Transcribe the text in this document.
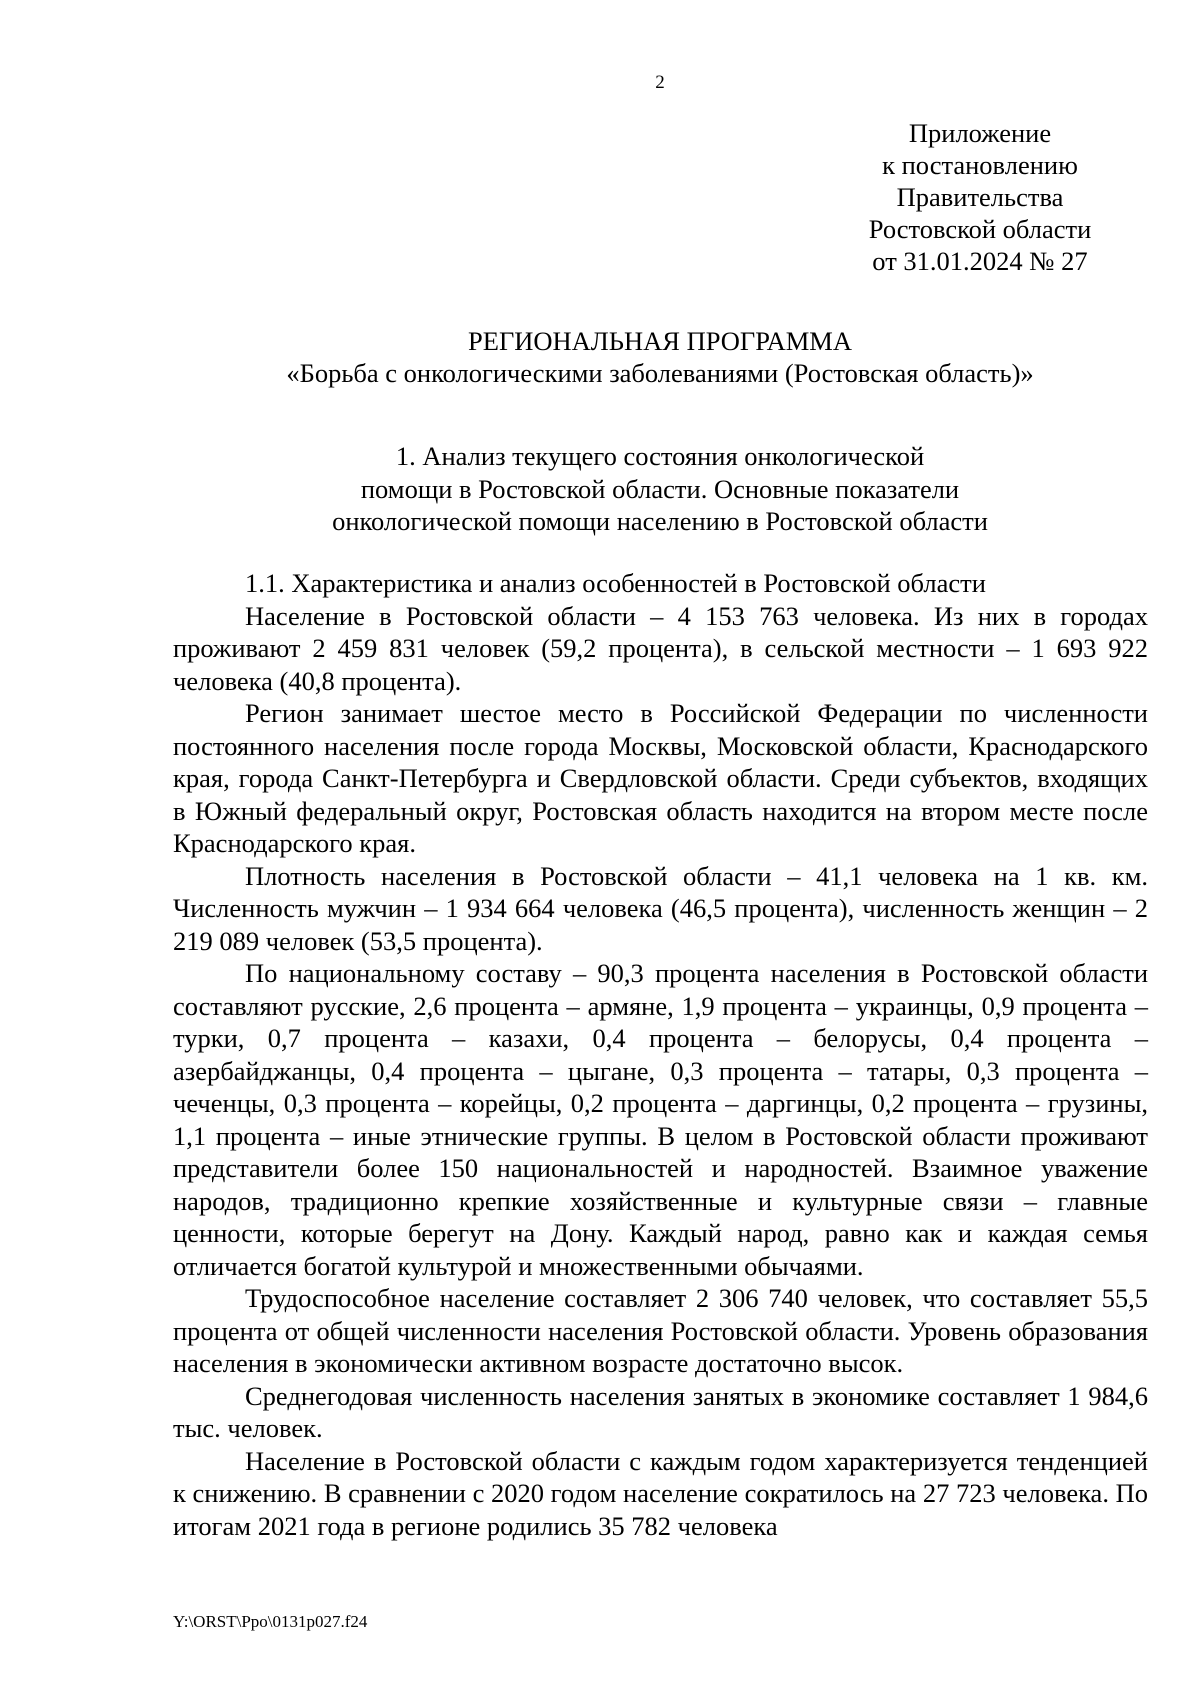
2
Приложение
к постановлению
Правительства
Ростовской области
от 31.01.2024 № 27
РЕГИОНАЛЬНАЯ ПРОГРАММА
«Борьба с онкологическими заболеваниями (Ростовская область)»
1. Анализ текущего состояния онкологической
помощи в Ростовской области. Основные показатели
онкологической помощи населению в Ростовской области

1.1. Характеристика и анализ особенностей в Ростовской области

Население в Ростовской области – 4 153 763 человека. Из них в городах проживают 2 459 831 человек (59,2 процента), в сельской местности – 1 693 922 человека (40,8 процента).

Регион занимает шестое место в Российской Федерации по численности постоянного населения после города Москвы, Московской области, Краснодарского края, города Санкт-Петербурга и Свердловской области. Среди субъектов, входящих в Южный федеральный округ, Ростовская область находится на втором месте после Краснодарского края.

Плотность населения в Ростовской области – 41,1 человека на 1 кв. км. Численность мужчин – 1 934 664 человека (46,5 процента), численность женщин – 2 219 089 человек (53,5 процента).

По национальному составу – 90,3 процента населения в Ростовской области составляют русские, 2,6 процента – армяне, 1,9 процента – украинцы, 0,9 процента – турки, 0,7 процента – казахи, 0,4 процента – белорусы, 0,4 процента – азербайджанцы, 0,4 процента – цыгане, 0,3 процента – татары, 0,3 процента – чеченцы, 0,3 процента – корейцы, 0,2 процента – даргинцы, 0,2 процента – грузины, 1,1 процента – иные этнические группы. В целом в Ростовской области проживают представители более 150 национальностей и народностей. Взаимное уважение народов, традиционно крепкие хозяйственные и культурные связи – главные ценности, которые берегут на Дону. Каждый народ, равно как и каждая семья отличается богатой культурой и множественными обычаями.

Трудоспособное население составляет 2 306 740 человек, что составляет 55,5 процента от общей численности населения Ростовской области. Уровень образования населения в экономически активном возрасте достаточно высок.

Среднегодовая численность населения занятых в экономике составляет 1 984,6 тыс. человек.

Население в Ростовской области с каждым годом характеризуется тенденцией к снижению. В сравнении с 2020 годом население сократилось на 27 723 человека. По итогам 2021 года в регионе родились 35 782 человека

Y:\ORST\Ppo\0131p027.f24
